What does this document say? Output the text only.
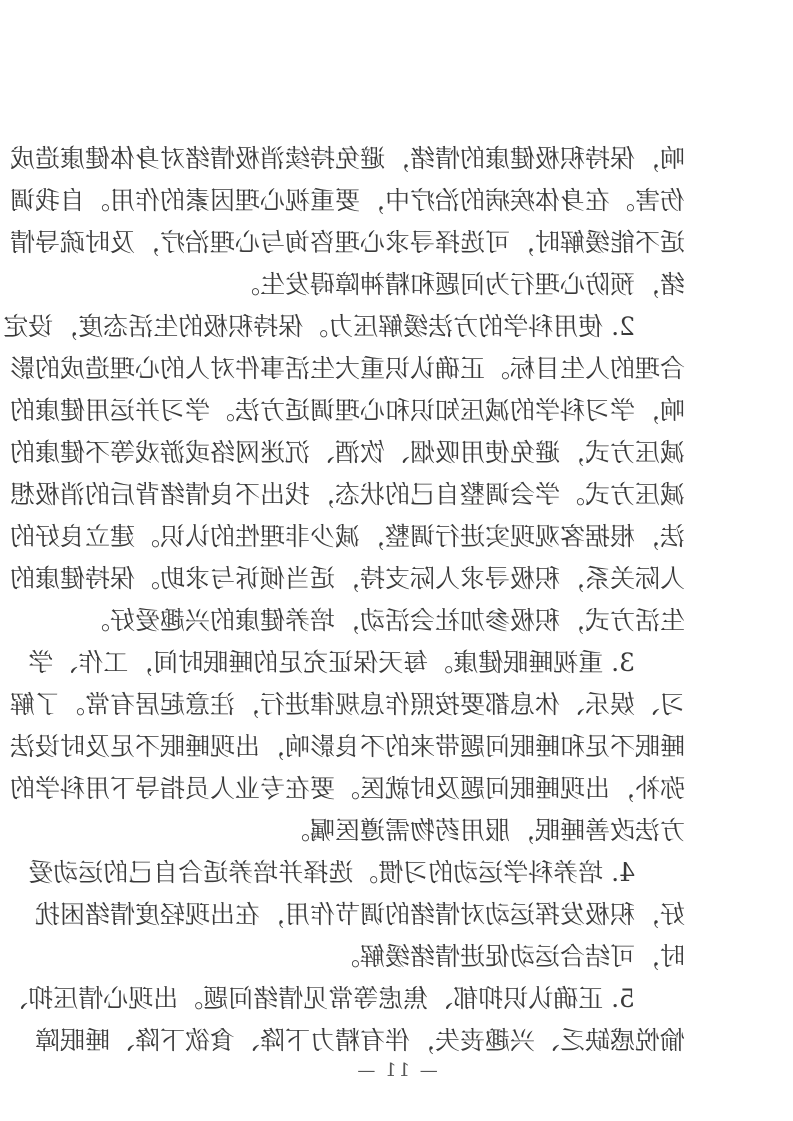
响，保持积极健康的情绪，避免持续消极情绪对身体健康造成
伤害。在身体疾病的治疗中，要重视心理因素的作用。自我调
适不能缓解时，可选择寻求心理咨询与心理治疗，及时疏导情
绪，预防心理行为问题和精神障碍发生。
　　2. 使用科学的方法缓解压力。保持积极的生活态度，设定
合理的人生目标。正确认识重大生活事件对人的心理造成的影
响，学习科学的减压知识和心理调适方法。学习并运用健康的
减压方式，避免使用吸烟、饮酒、沉迷网络或游戏等不健康的
减压方式。学会调整自己的状态，找出不良情绪背后的消极想
法，根据客观现实进行调整，减少非理性的认识。建立良好的
人际关系，积极寻求人际支持，适当倾诉与求助。保持健康的
生活方式，积极参加社会活动，培养健康的兴趣爱好。
　　3. 重视睡眠健康。每天保证充足的睡眠时间，工作、学
习、娱乐、休息都要按照作息规律进行，注意起居有常。了解
睡眠不足和睡眠问题带来的不良影响，出现睡眠不足及时设法
弥补，出现睡眠问题及时就医。要在专业人员指导下用科学的
方法改善睡眠，服用药物需遵医嘱。
　　4. 培养科学运动的习惯。选择并培养适合自己的运动爱
好，积极发挥运动对情绪的调节作用，在出现轻度情绪困扰
时，可结合运动促进情绪缓解。
　　5. 正确认识抑郁、焦虑等常见情绪问题。出现心情压抑、
愉悦感缺乏、兴趣丧失，伴有精力下降、食欲下降、睡眠障
— 11 —
